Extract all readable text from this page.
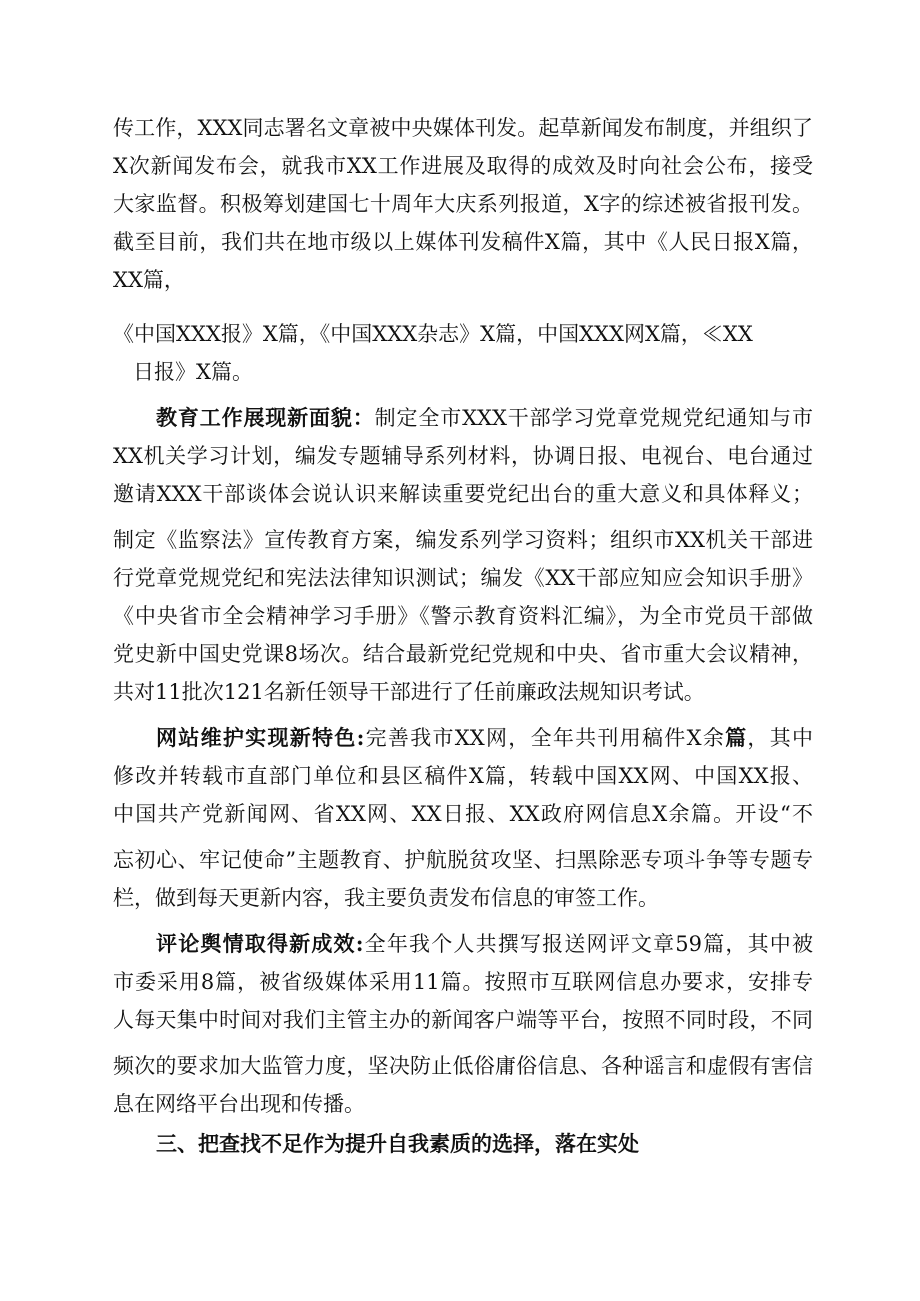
传工作，XXX同志署名文章被中央媒体刊发。起草新闻发布制度，并组织了
X次新闻发布会，就我市XX工作进展及取得的成效及时向社会公布，接受
大家监督。积极筹划建国七十周年大庆系列报道，X字的综述被省报刊发。
截至目前，我们共在地市级以上媒体刊发稿件X篇，其中《人民日报X篇，
XX篇，
《中国XXX报》X篇，《中国XXX杂志》X篇，中国XXX网X篇，≪XX
日报》X篇。
教育工作展现新面貌：制定全市XXX干部学习党章党规党纪通知与市
XX机关学习计划，编发专题辅导系列材料，协调日报、电视台、电台通过
邀请XXX干部谈体会说认识来解读重要党纪出台的重大意义和具体释义；
制定《监察法》宣传教育方案，编发系列学习资料；组织市XX机关干部进
行党章党规党纪和宪法法律知识测试；编发《XX干部应知应会知识手册》
《中央省市全会精神学习手册》《警示教育资料汇编》，为全市党员干部做
党史新中国史党课8场次。结合最新党纪党规和中央、省市重大会议精神，
共对11批次121名新任领导干部进行了任前廉政法规知识考试。
网站维护实现新特色:完善我市XX网，全年共刊用稿件X余篇，其中
修改并转载市直部门单位和县区稿件X篇，转载中国XX网、中国XX报、
中国共产党新闻网、省XX网、XX日报、XX政府网信息X余篇。开设“不
忘初心、牢记使命”主题教育、护航脱贫攻坚、扫黑除恶专项斗争等专题专
栏，做到每天更新内容，我主要负责发布信息的审签工作。
评论舆情取得新成效:全年我个人共撰写报送网评文章59篇，其中被
市委采用8篇，被省级媒体采用11篇。按照市互联网信息办要求，安排专
人每天集中时间对我们主管主办的新闻客户端等平台，按照不同时段，不同
频次的要求加大监管力度，坚决防止低俗庸俗信息、各种谣言和虚假有害信
息在网络平台出现和传播。
三、把查找不足作为提升自我素质的选择，落在实处
